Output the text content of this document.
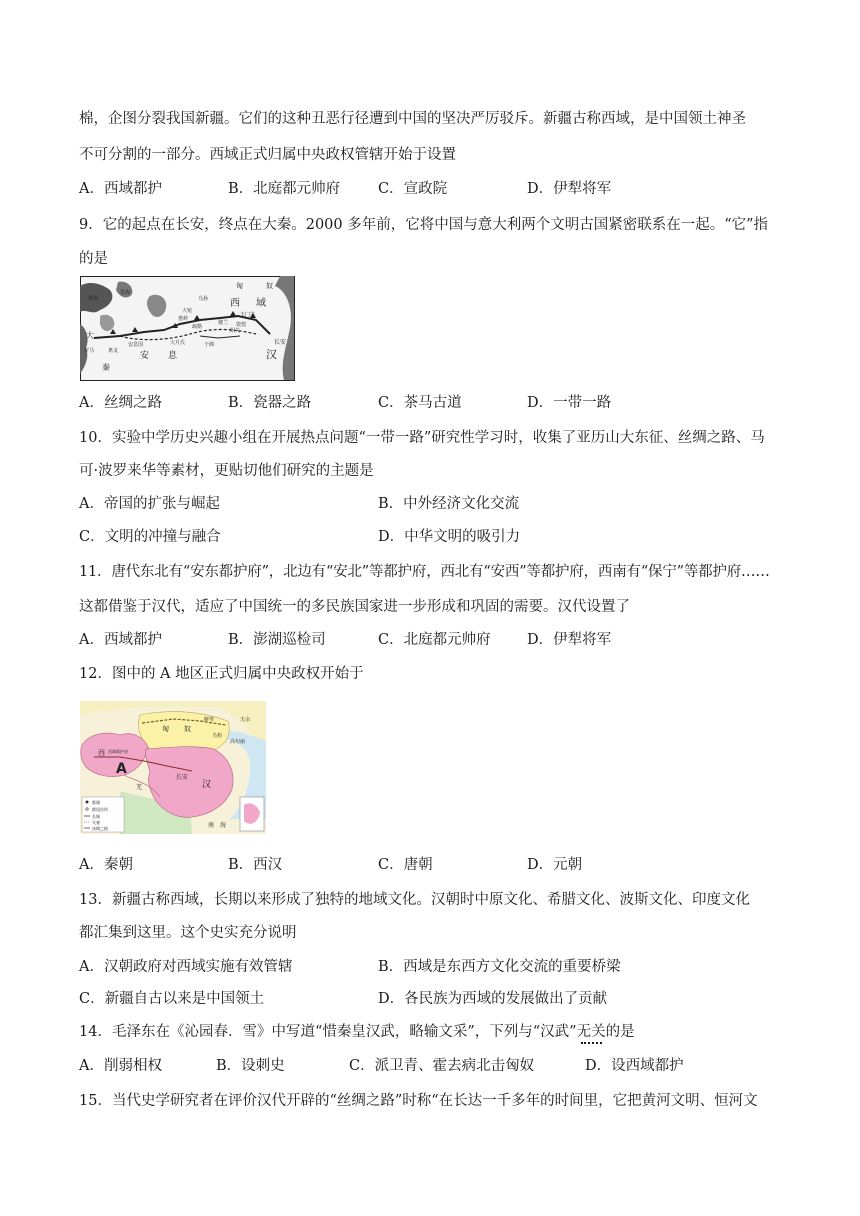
棉，企图分裂我国新疆。它们的这种丑恶行径遭到中国的坚决严厉驳斥。新疆古称西域，是中国领土神圣
不可分割的一部分。西域正式归属中央政权管辖开始于设置
A．西域都护	B．北庭都元帅府	C．宣政院	D．伊犁将军
9．它的起点在长安，终点在大秦。2000 多年前，它将中国与意大利两个文明古国紧密联系在一起。“它”指
的是
匈	奴
西 域
汉
长安
安 息
大
秦
敦煌
玉门关
阳关
葱岭
大月氏
条支
安息国
罗马
黑海
里海
大宛
乌孙
楼兰
于阗
疏勒
A．丝绸之路	B．瓷器之路	C．茶马古道	D．一带一路
10．实验中学历史兴趣小组在开展热点问题“一带一路”研究性学习时，收集了亚历山大东征、丝绸之路、马
可·波罗来华等素材，更贴切他们研究的主题是
A．帝国的扩张与崛起	B．中外经济文化交流
C．文明的冲撞与融合	D．中华文明的吸引力
11．唐代东北有“安东都护府”，北边有“安北”等都护府，西北有“安西”等都护府，西南有“保宁”等都护府……
这都借鉴于汉代，适应了中国统一的多民族国家进一步形成和巩固的需要。汉代设置了
A．西域都护	B．澎湖巡检司	C．北庭都元帅府	D．伊犁将军
12．图中的 A 地区正式归属中央政权开始于
A
长安
匈 奴
汉
西 西域都护府
鲜卑
乌桓
夫余
高句丽
羌
南 海
都城
郡国治所
长城
关塞
丝绸之路
A．秦朝	B．西汉	C．唐朝	D．元朝
13．新疆古称西域，长期以来形成了独特的地域文化。汉朝时中原文化、希腊文化、波斯文化、印度文化
都汇集到这里。这个史实充分说明
A．汉朝政府对西域实施有效管辖	B．西域是东西方文化交流的重要桥梁
C．新疆自古以来是中国领土	D．各民族为西域的发展做出了贡献
14．毛泽东在《沁园春．雪》中写道“惜秦皇汉武，略输文采”，下列与“汉武”无关的是
A．削弱相权	B．设刺史	C．派卫青、霍去病北击匈奴	D．设西域都护
15．当代史学研究者在评价汉代开辟的“丝绸之路”时称“在长达一千多年的时间里，它把黄河文明、恒河文
